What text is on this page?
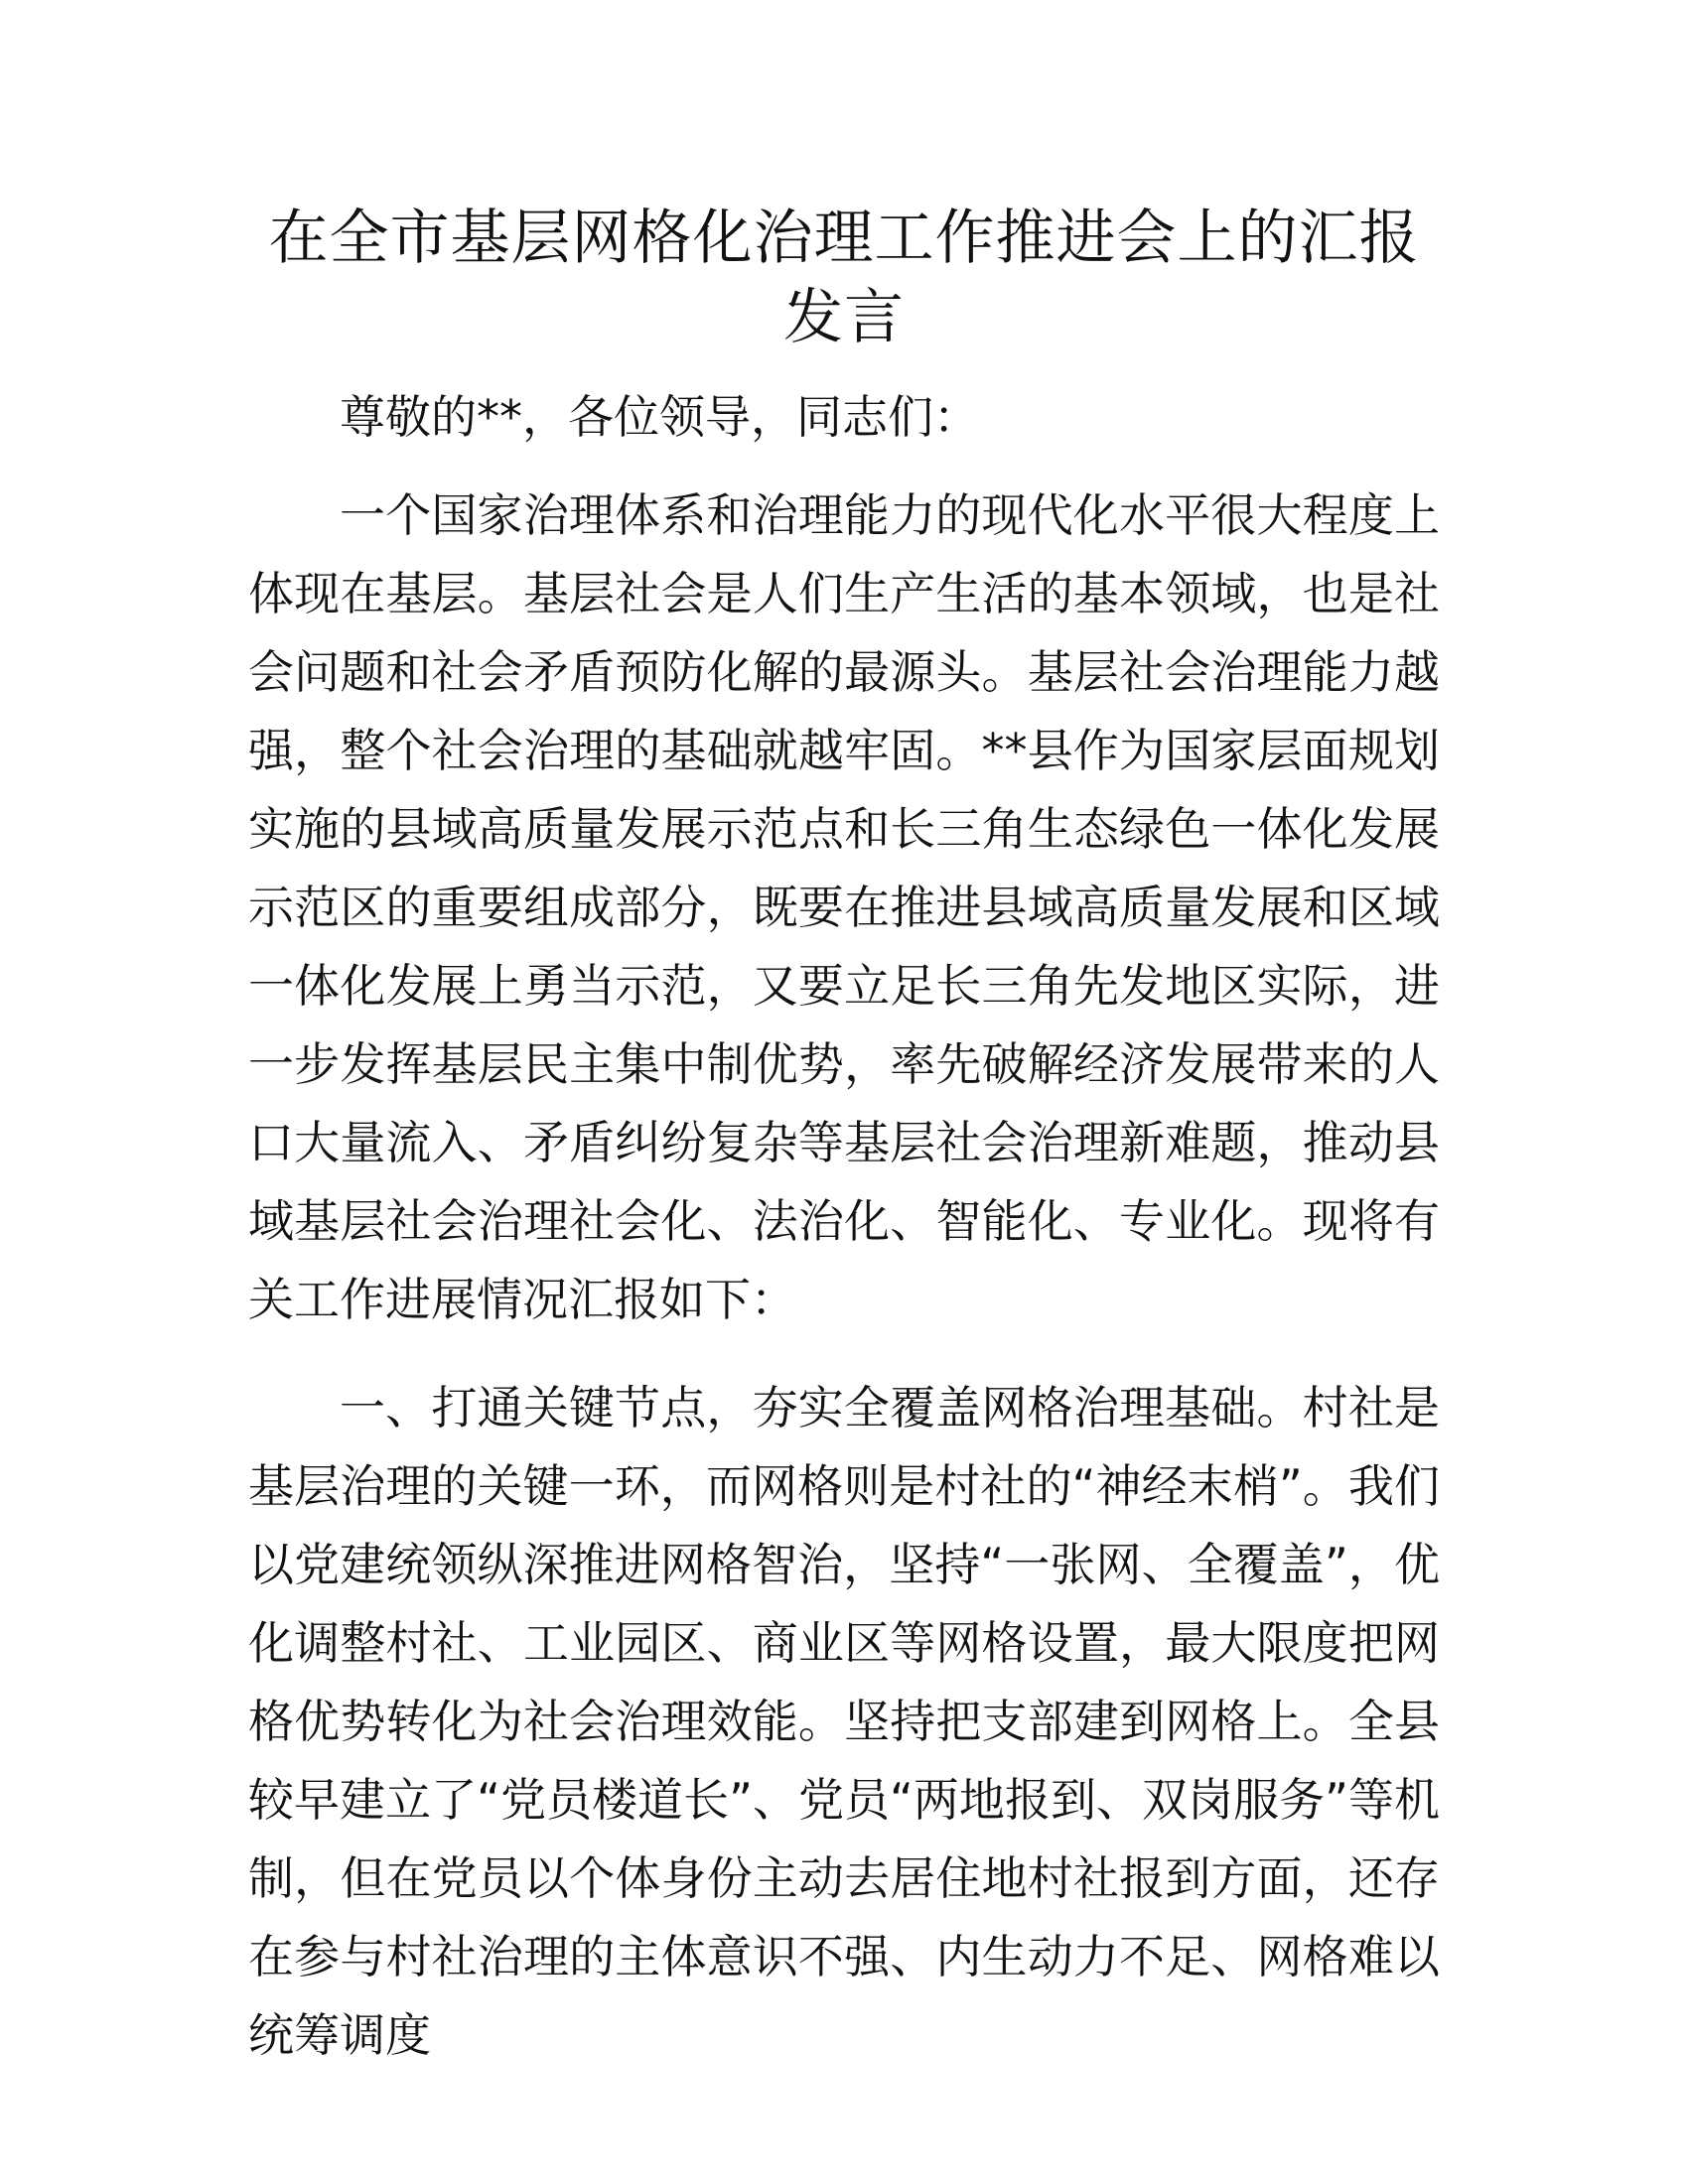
在全市基层网格化治理工作推进会上的汇报发言

尊敬的**，各位领导，同志们：

一个国家治理体系和治理能力的现代化水平很大程度上体现在基层。基层社会是人们生产生活的基本领域，也是社会问题和社会矛盾预防化解的最源头。基层社会治理能力越强，整个社会治理的基础就越牢固。**县作为国家层面规划实施的县域高质量发展示范点和长三角生态绿色一体化发展示范区的重要组成部分，既要在推进县域高质量发展和区域一体化发展上勇当示范，又要立足长三角先发地区实际，进一步发挥基层民主集中制优势，率先破解经济发展带来的人口大量流入、矛盾纠纷复杂等基层社会治理新难题，推动县域基层社会治理社会化、法治化、智能化、专业化。现将有关工作进展情况汇报如下：

一、打通关键节点，夯实全覆盖网格治理基础。村社是基层治理的关键一环，而网格则是村社的“神经末梢”。我们以党建统领纵深推进网格智治，坚持“一张网、全覆盖”，优化调整村社、工业园区、商业区等网格设置，最大限度把网格优势转化为社会治理效能。坚持把支部建到网格上。全县较早建立了“党员楼道长”、党员“两地报到、双岗服务”等机制，但在党员以个体身份主动去居住地村社报到方面，还存在参与村社治理的主体意识不强、内生动力不足、网格难以统筹调度
